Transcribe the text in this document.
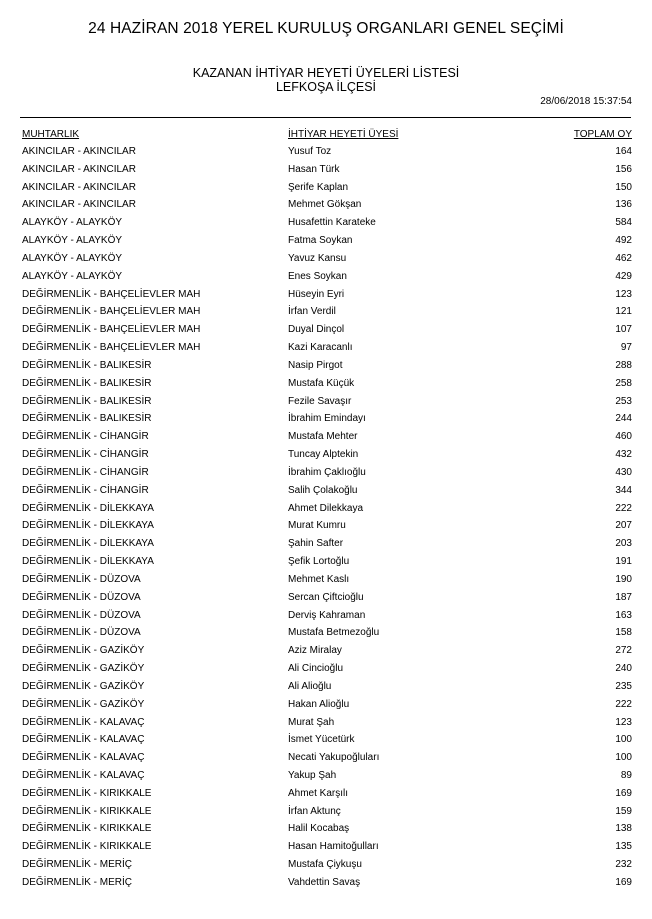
24 HAZİRAN 2018 YEREL KURULUŞ ORGANLARI GENEL SEÇİMİ
KAZANAN İHTİYAR HEYETİ ÜYELERİ LİSTESİ
LEFKOŞA İLÇESİ
28/06/2018 15:37:54
MUHTARLIK	İHTİYAR HEYETİ ÜYESİ	TOPLAM OY
AKINCILAR - AKINCILAR	Yusuf Toz	164
AKINCILAR - AKINCILAR	Hasan Türk	156
AKINCILAR - AKINCILAR	Şerife Kaplan	150
AKINCILAR - AKINCILAR	Mehmet Gökşan	136
ALAYKÖY - ALAYKÖY	Husafettin Karateke	584
ALAYKÖY - ALAYKÖY	Fatma Soykan	492
ALAYKÖY - ALAYKÖY	Yavuz Kansu	462
ALAYKÖY - ALAYKÖY	Enes Soykan	429
DEĞİRMENLİK - BAHÇELİEVLER MAH	Hüseyin Eyri	123
DEĞİRMENLİK - BAHÇELİEVLER MAH	İrfan Verdil	121
DEĞİRMENLİK - BAHÇELİEVLER MAH	Duyal Dinçol	107
DEĞİRMENLİK - BAHÇELİEVLER MAH	Kazi Karacanlı	97
DEĞİRMENLİK - BALIKESİR	Nasip Pirgot	288
DEĞİRMENLİK - BALIKESİR	Mustafa Küçük	258
DEĞİRMENLİK - BALIKESİR	Fezile Savaşır	253
DEĞİRMENLİK - BALIKESİR	İbrahim Emindayı	244
DEĞİRMENLİK - CİHANGİR	Mustafa Mehter	460
DEĞİRMENLİK - CİHANGİR	Tuncay Alptekin	432
DEĞİRMENLİK - CİHANGİR	İbrahim Çaklıoğlu	430
DEĞİRMENLİK - CİHANGİR	Salih Çolakoğlu	344
DEĞİRMENLİK - DİLEKKAYA	Ahmet Dilekkaya	222
DEĞİRMENLİK - DİLEKKAYA	Murat Kumru	207
DEĞİRMENLİK - DİLEKKAYA	Şahin Safter	203
DEĞİRMENLİK - DİLEKKAYA	Şefik Lortoğlu	191
DEĞİRMENLİK - DÜZOVA	Mehmet Kaslı	190
DEĞİRMENLİK - DÜZOVA	Sercan Çiftcioğlu	187
DEĞİRMENLİK - DÜZOVA	Derviş Kahraman	163
DEĞİRMENLİK - DÜZOVA	Mustafa Betmezoğlu	158
DEĞİRMENLİK - GAZİKÖY	Aziz Miralay	272
DEĞİRMENLİK - GAZİKÖY	Ali Cincioğlu	240
DEĞİRMENLİK - GAZİKÖY	Ali Alioğlu	235
DEĞİRMENLİK - GAZİKÖY	Hakan Alioğlu	222
DEĞİRMENLİK - KALAVAÇ	Murat Şah	123
DEĞİRMENLİK - KALAVAÇ	İsmet Yücetürk	100
DEĞİRMENLİK - KALAVAÇ	Necati Yakupoğluları	100
DEĞİRMENLİK - KALAVAÇ	Yakup Şah	89
DEĞİRMENLİK - KIRIKKALE	Ahmet Karşılı	169
DEĞİRMENLİK - KIRIKKALE	İrfan Aktunç	159
DEĞİRMENLİK - KIRIKKALE	Halil Kocabaş	138
DEĞİRMENLİK - KIRIKKALE	Hasan Hamitoğulları	135
DEĞİRMENLİK - MERİÇ	Mustafa Çiykuşu	232
DEĞİRMENLİK - MERİÇ	Vahdettin Savaş	169
